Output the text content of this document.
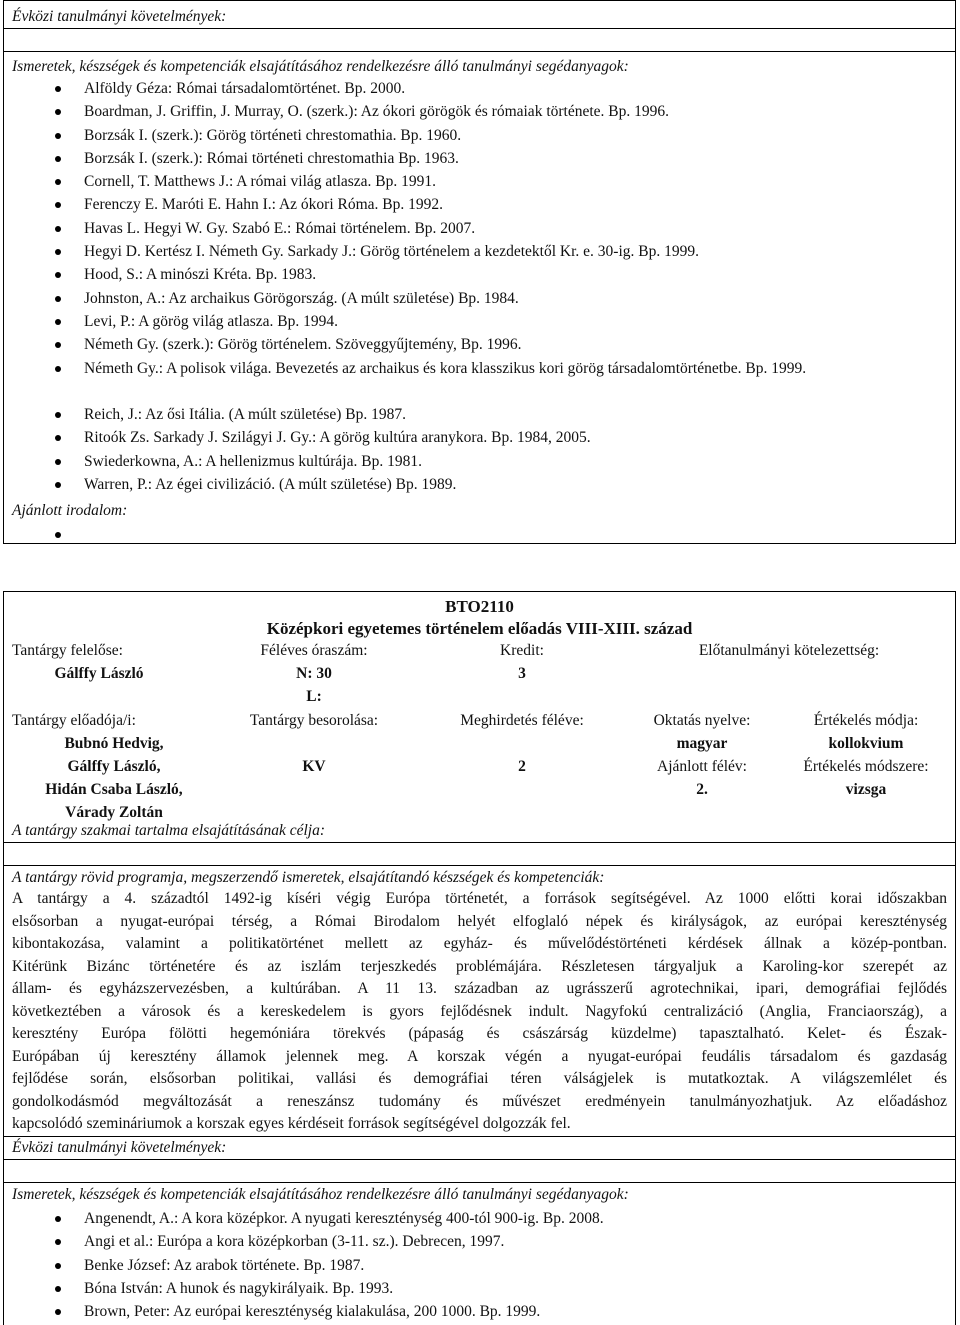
Évközi tanulmányi követelmények:
Ismeretek, készségek és kompetenciák elsajátításához rendelkezésre álló tanulmányi segédanyagok:
Alföldy Géza: Római társadalomtörténet. Bp. 2000.
Boardman, J. Griffin, J. Murray, O. (szerk.): Az ókori görögök és rómaiak története. Bp. 1996.
Borzsák I. (szerk.): Görög történeti chrestomathia. Bp. 1960.
Borzsák I. (szerk.): Római történeti chrestomathia Bp. 1963.
Cornell, T. Matthews J.: A római világ atlasza. Bp. 1991.
Ferenczy E. Maróti E. Hahn I.: Az ókori Róma. Bp. 1992.
Havas L. Hegyi W. Gy. Szabó E.: Római történelem. Bp. 2007.
Hegyi D. Kertész I. Németh Gy. Sarkady J.: Görög történelem a kezdetektől Kr. e. 30-ig. Bp. 1999.
Hood, S.: A minószi Kréta. Bp. 1983.
Johnston, A.: Az archaikus Görögország. (A múlt születése) Bp. 1984.
Levi, P.: A görög világ atlasza. Bp. 1994.
Németh Gy. (szerk.): Görög történelem. Szöveggyűjtemény, Bp. 1996.
Németh Gy.: A polisok világa. Bevezetés az archaikus és kora klasszikus kori görög társadalomtörténetbe. Bp. 1999.
Reich, J.: Az ősi Itália. (A múlt születése) Bp. 1987.
Ritoók Zs. Sarkady J. Szilágyi J. Gy.: A görög kultúra aranykora. Bp. 1984, 2005.
Swiederkowna, A.: A hellenizmus kultúrája. Bp. 1981.
Warren, P.: Az égei civilizáció. (A múlt születése) Bp. 1989.
Ajánlott irodalom:
BTO2110
Középkori egyetemes történelem előadás VIII-XIII. század
Tantárgy felelőse:
Gálffy László
Féléves óraszám:
N: 30
L:
Kredit:
3
Előtanulmányi kötelezettség:
Tantárgy előadója/i:
Bubnó Hedvig,
Gálffy László,
Hidán Csaba László,
Várady Zoltán
Tantárgy besorolása:
KV
Meghirdetés féléve:
2
Oktatás nyelve:
magyar
Ajánlott félév:
2.
Értékelés módja:
kollokvium
Értékelés módszere:
vizsga
A tantárgy szakmai tartalma elsajátításának célja:
A tantárgy rövid programja, megszerzendő ismeretek, elsajátítandó készségek és kompetenciák:
A tantárgy a 4. századtól 1492-ig kíséri végig Európa történetét, a források segítségével. Az 1000 előtti korai időszakban
elsősorban a nyugat-európai térség, a Római Birodalom helyét elfoglaló népek és királyságok, az európai kereszténység
kibontakozása, valamint a politikatörténet mellett az egyház- és művelődéstörténeti kérdések állnak a közép-pontban.
Kitérünk Bizánc történetére és az iszlám terjeszkedés problémájára. Részletesen tárgyaljuk a Karoling-kor szerepét az
állam- és egyházszervezésben, a kultúrában. A 11 13. században az ugrásszerű agrotechnikai, ipari, demográfiai fejlődés
következtében a városok és a kereskedelem is gyors fejlődésnek indult. Nagyfokú centralizáció (Anglia, Franciaország), a
keresztény Európa fölötti hegemóniára törekvés (pápaság és császárság küzdelme) tapasztalható. Kelet- és Észak-
Európában új keresztény államok jelennek meg. A korszak végén a nyugat-európai feudális társadalom és gazdaság
fejlődése során, elsősorban politikai, vallási és demográfiai téren válságjelek is mutatkoztak. A világszemlélet és
gondolkodásmód megváltozását a reneszánsz tudomány és művészet eredményein tanulmányozhatjuk. Az előadáshoz
kapcsolódó szemináriumok a korszak egyes kérdéseit források segítségével dolgozzák fel.
Évközi tanulmányi követelmények:
Ismeretek, készségek és kompetenciák elsajátításához rendelkezésre álló tanulmányi segédanyagok:
Angenendt, A.: A kora középkor. A nyugati kereszténység 400-tól 900-ig. Bp. 2008.
Angi et al.: Európa a kora középkorban (3-11. sz.). Debrecen, 1997.
Benke József: Az arabok története. Bp. 1987.
Bóna István: A hunok és nagykirályaik. Bp. 1993.
Brown, Peter: Az európai kereszténység kialakulása, 200 1000. Bp. 1999.
